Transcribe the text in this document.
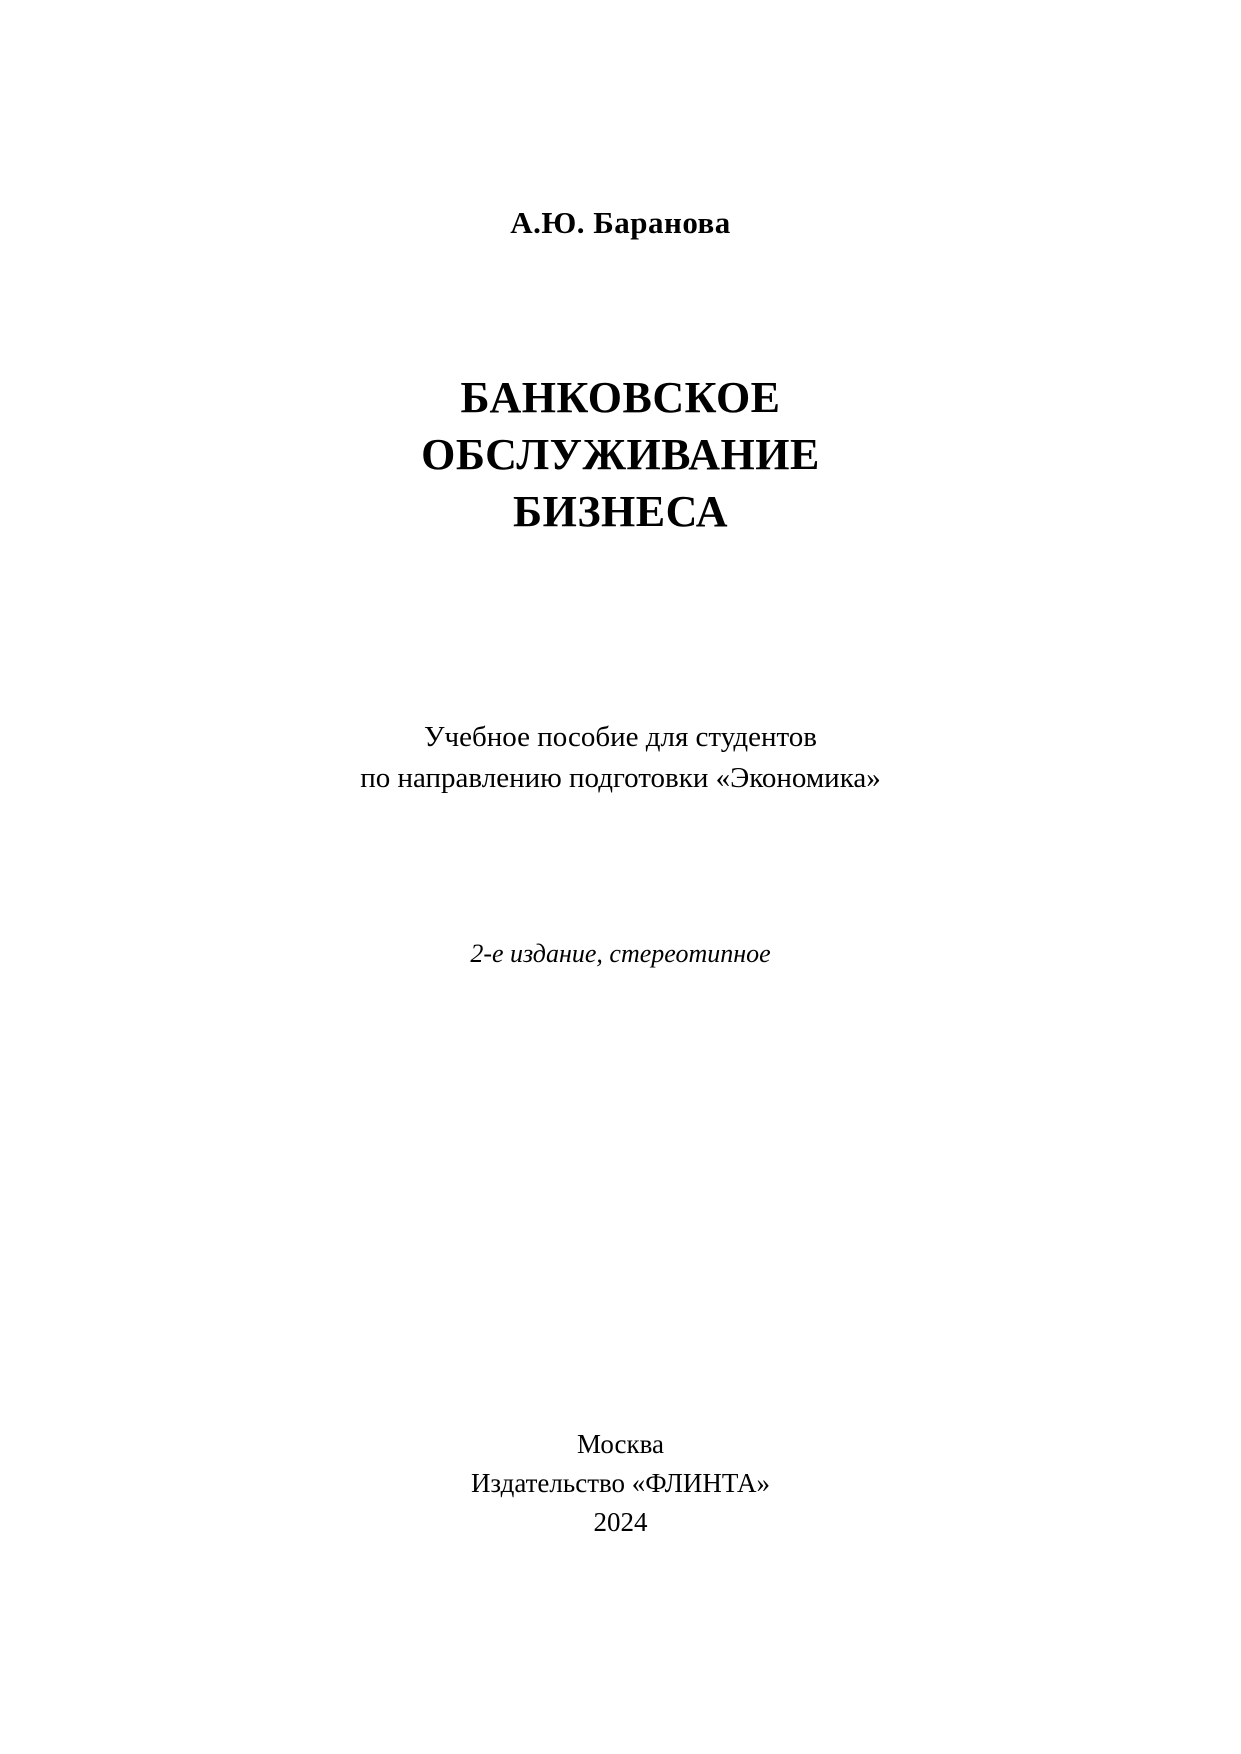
А.Ю. Баранова
БАНКОВСКОЕ
ОБСЛУЖИВАНИЕ
БИЗНЕСА
Учебное пособие для студентов
по направлению подготовки «Экономика»
2-е издание, стереотипное
Москва
Издательство «ФЛИНТА»
2024
